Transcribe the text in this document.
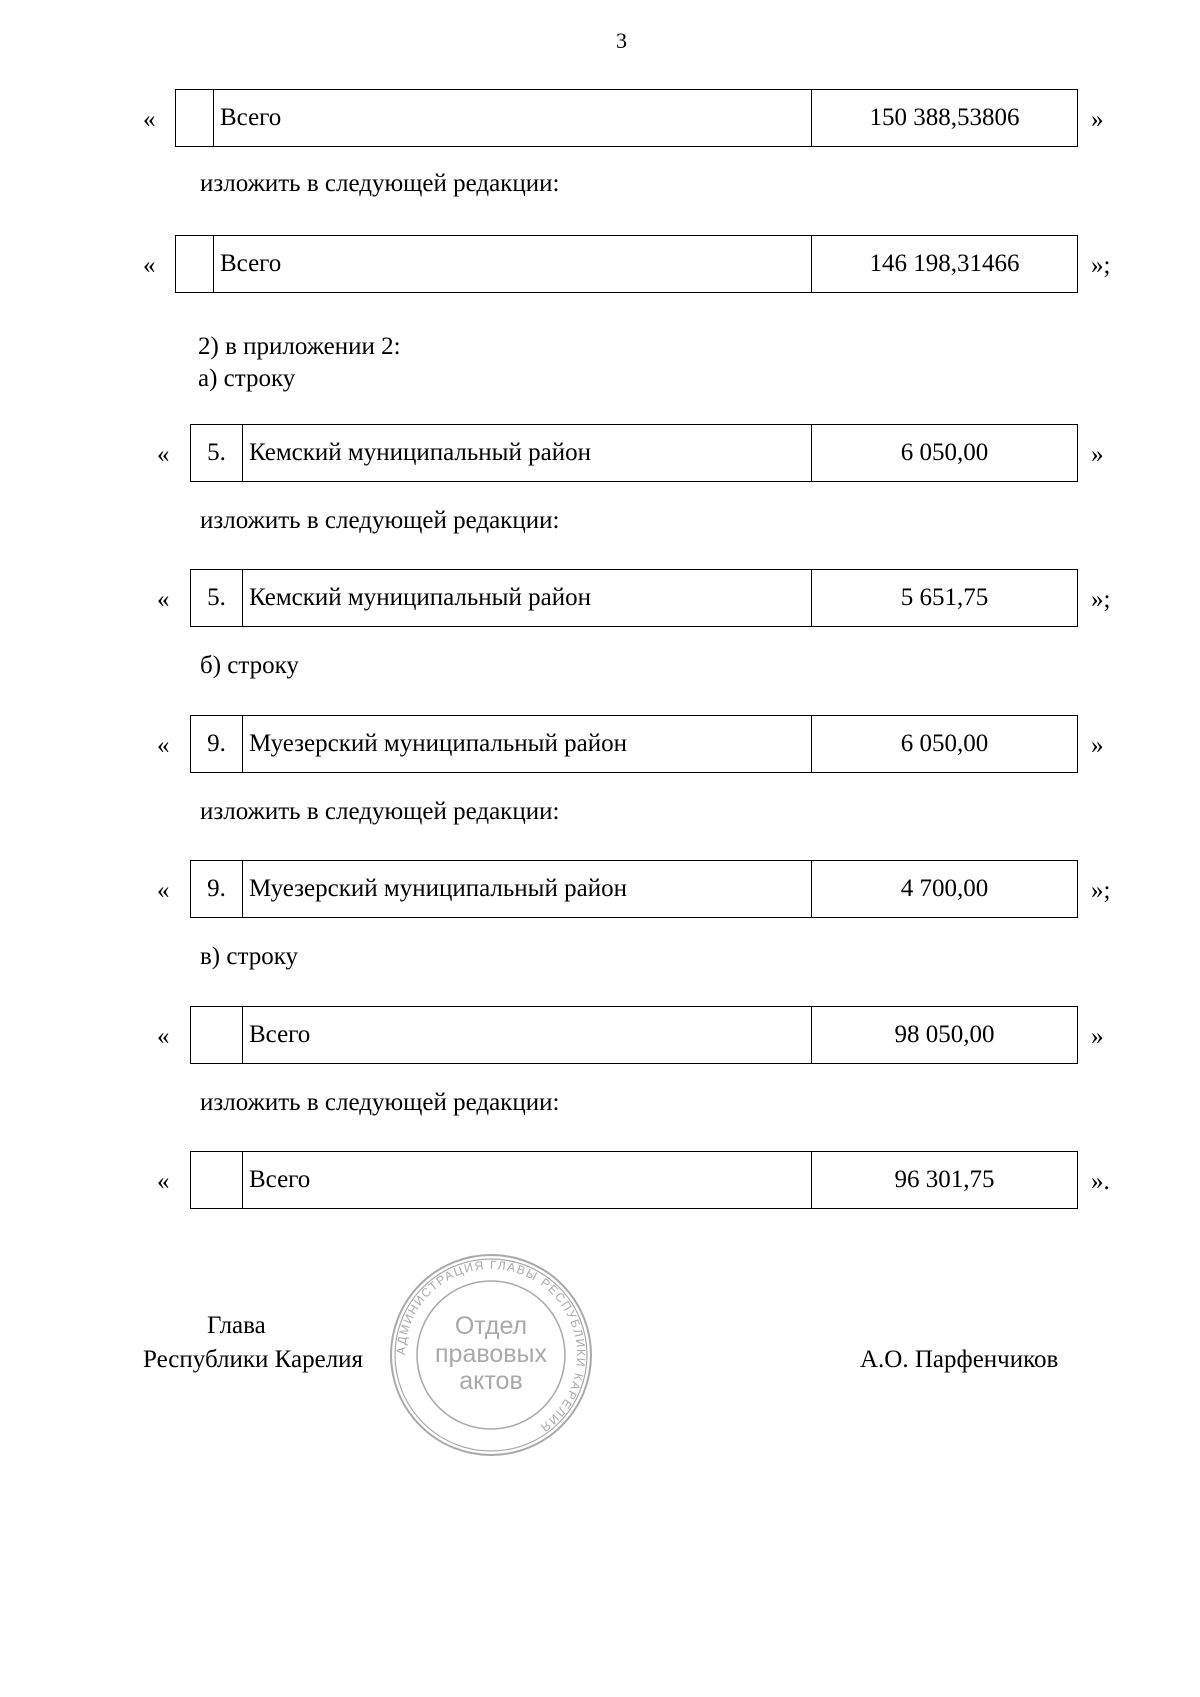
3
«	Всего	150 388,53806	»
изложить в следующей редакции:
«	Всего	146 198,31466	»;
2) в приложении 2:
а) строку
«	5. Кемский муниципальный район	6 050,00	»
изложить в следующей редакции:
«	5. Кемский муниципальный район	5 651,75	»;
б) строку
«	9. Муезерский муниципальный район	6 050,00	»
изложить в следующей редакции:
«	9. Муезерский муниципальный район	4 700,00	»;
в) строку
«	Всего	98 050,00	»
изложить в следующей редакции:
«	Всего	96 301,75	».
Глава
Республики Карелия	А.О. Парфенчиков
АДМИНИСТРАЦИЯ ГЛАВЫ РЕСПУБЛИКИ КАРЕЛИЯ
Отдел
правовых
актов
